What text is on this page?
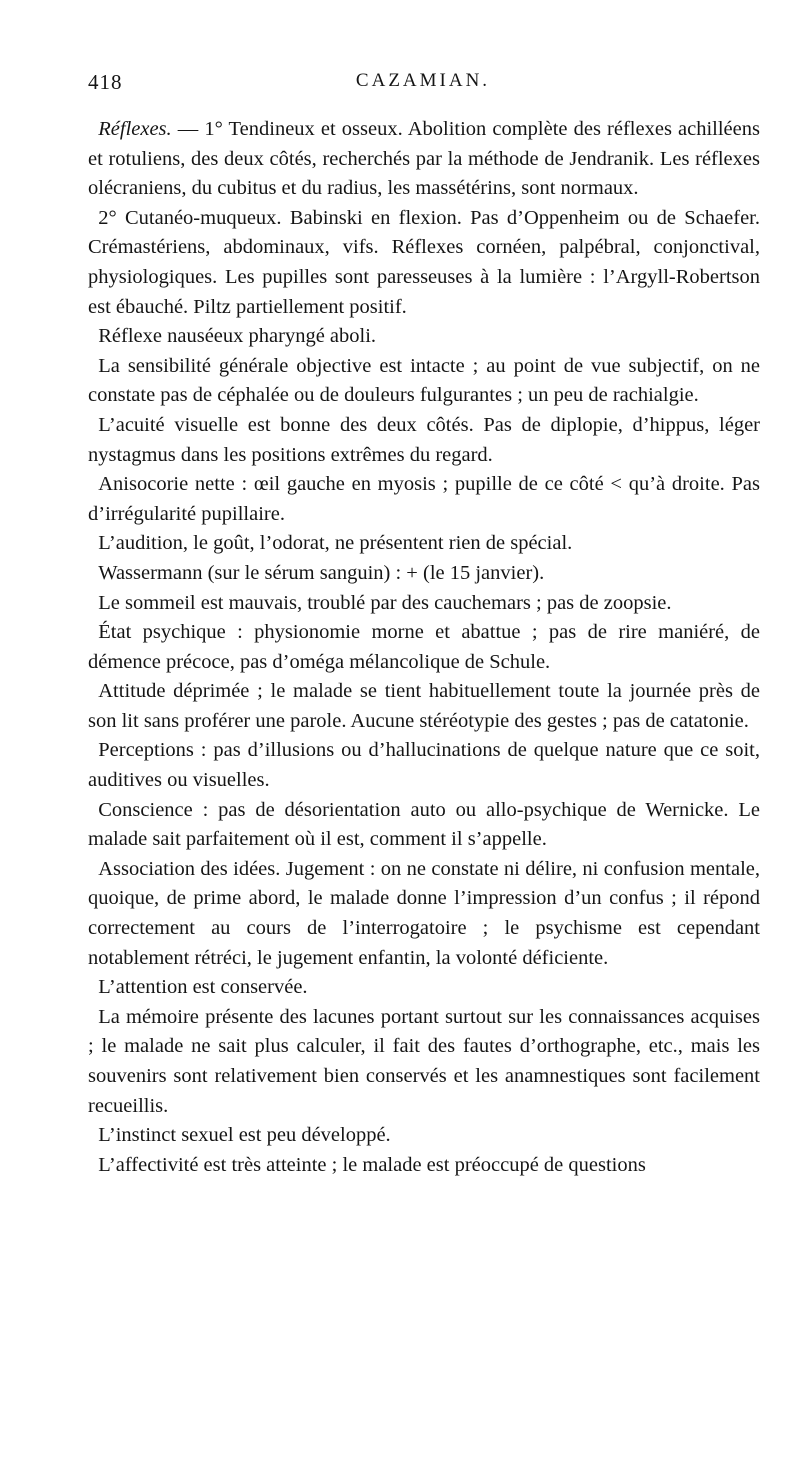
418	CAZAMIAN.

 Réflexes. — 1° Tendineux et osseux. Abolition complète des réflexes achilléens et rotuliens, des deux côtés, recherchés par la méthode de Jendranik. Les réflexes olécraniens, du cubitus et du radius, les massétérins, sont normaux.

 2° Cutanéo-muqueux. Babinski en flexion. Pas d’Oppenheim ou de Schaefer. Crémastériens, abdominaux, vifs. Réflexes cornéen, palpébral, conjonctival, physiologiques. Les pupilles sont paresseuses à la lumière : l’Argyll-Robertson est ébauché. Piltz partiellement positif.

 Réflexe nauséeux pharyngé aboli.

 La sensibilité générale objective est intacte ; au point de vue subjectif, on ne constate pas de céphalée ou de douleurs fulgurantes ; un peu de rachialgie.

 L’acuité visuelle est bonne des deux côtés. Pas de diplopie, d’hippus, léger nystagmus dans les positions extrêmes du regard.

 Anisocorie nette : œil gauche en myosis ; pupille de ce côté < qu’à droite. Pas d’irrégularité pupillaire.

 L’audition, le goût, l’odorat, ne présentent rien de spécial.

 Wassermann (sur le sérum sanguin) : + (le 15 janvier).

 Le sommeil est mauvais, troublé par des cauchemars ; pas de zoopsie.

 État psychique : physionomie morne et abattue ; pas de rire maniéré, de démence précoce, pas d’oméga mélancolique de Schule.

 Attitude déprimée ; le malade se tient habituellement toute la journée près de son lit sans proférer une parole. Aucune stéréotypie des gestes ; pas de catatonie.

 Perceptions : pas d’illusions ou d’hallucinations de quelque nature que ce soit, auditives ou visuelles.

 Conscience : pas de désorientation auto ou allo-psychique de Wernicke. Le malade sait parfaitement où il est, comment il s’appelle.

 Association des idées. Jugement : on ne constate ni délire, ni confusion mentale, quoique, de prime abord, le malade donne l’impression d’un confus ; il répond correctement au cours de l’interrogatoire ; le psychisme est cependant notablement rétréci, le jugement enfantin, la volonté déficiente.

 L’attention est conservée.

 La mémoire présente des lacunes portant surtout sur les connaissances acquises ; le malade ne sait plus calculer, il fait des fautes d’orthographe, etc., mais les souvenirs sont relativement bien conservés et les anamnestiques sont facilement recueillis.

 L’instinct sexuel est peu développé.

 L’affectivité est très atteinte ; le malade est préoccupé de questions
